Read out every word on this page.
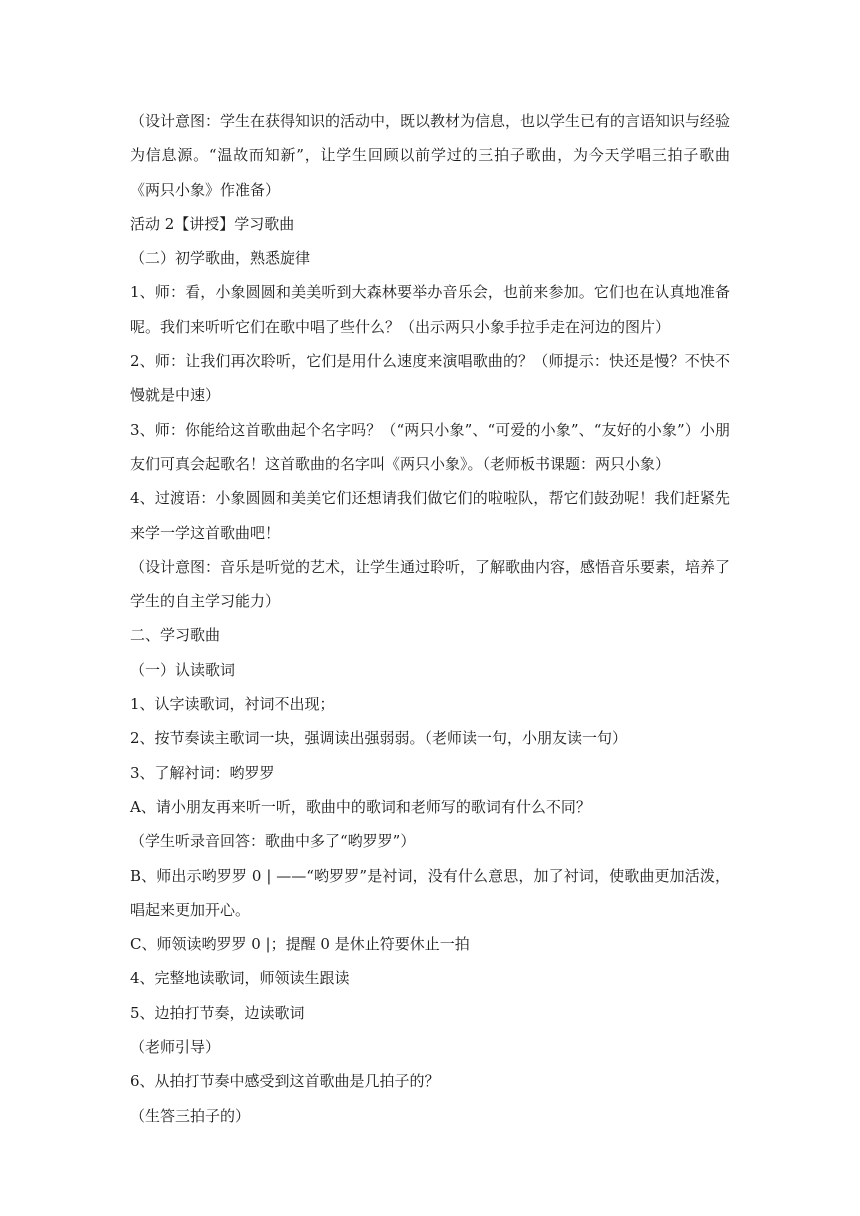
（设计意图：学生在获得知识的活动中，既以教材为信息，也以学生已有的言语知识与经验为信息源。“温故而知新”，让学生回顾以前学过的三拍子歌曲，为今天学唱三拍子歌曲《两只小象》作准备）

活动 2【讲授】学习歌曲

（二）初学歌曲，熟悉旋律

1、师：看，小象圆圆和美美听到大森林要举办音乐会，也前来参加。它们也在认真地准备呢。我们来听听它们在歌中唱了些什么？（出示两只小象手拉手走在河边的图片）

2、师：让我们再次聆听，它们是用什么速度来演唱歌曲的？（师提示：快还是慢？不快不慢就是中速）

3、师：你能给这首歌曲起个名字吗？（“两只小象”、“可爱的小象”、“友好的小象”）小朋友们可真会起歌名！这首歌曲的名字叫《两只小象》。（老师板书课题：两只小象）

4、过渡语：小象圆圆和美美它们还想请我们做它们的啦啦队，帮它们鼓劲呢！我们赶紧先来学一学这首歌曲吧！

（设计意图：音乐是听觉的艺术，让学生通过聆听，了解歌曲内容，感悟音乐要素，培养了学生的自主学习能力）

二、学习歌曲

（一）认读歌词

1、认字读歌词，衬词不出现；

2、按节奏读主歌词一块，强调读出强弱弱。（老师读一句，小朋友读一句）

3、了解衬词：哟罗罗

A、请小朋友再来听一听，歌曲中的歌词和老师写的歌词有什么不同？

（学生听录音回答：歌曲中多了“哟罗罗”）

B、师出示哟罗罗 0 | ——“哟罗罗”是衬词，没有什么意思，加了衬词，使歌曲更加活泼，唱起来更加开心。

C、师领读哟罗罗 0 |；提醒 0 是休止符要休止一拍

4、完整地读歌词，师领读生跟读

5、边拍打节奏，边读歌词

（老师引导）

6、从拍打节奏中感受到这首歌曲是几拍子的？

（生答三拍子的）
